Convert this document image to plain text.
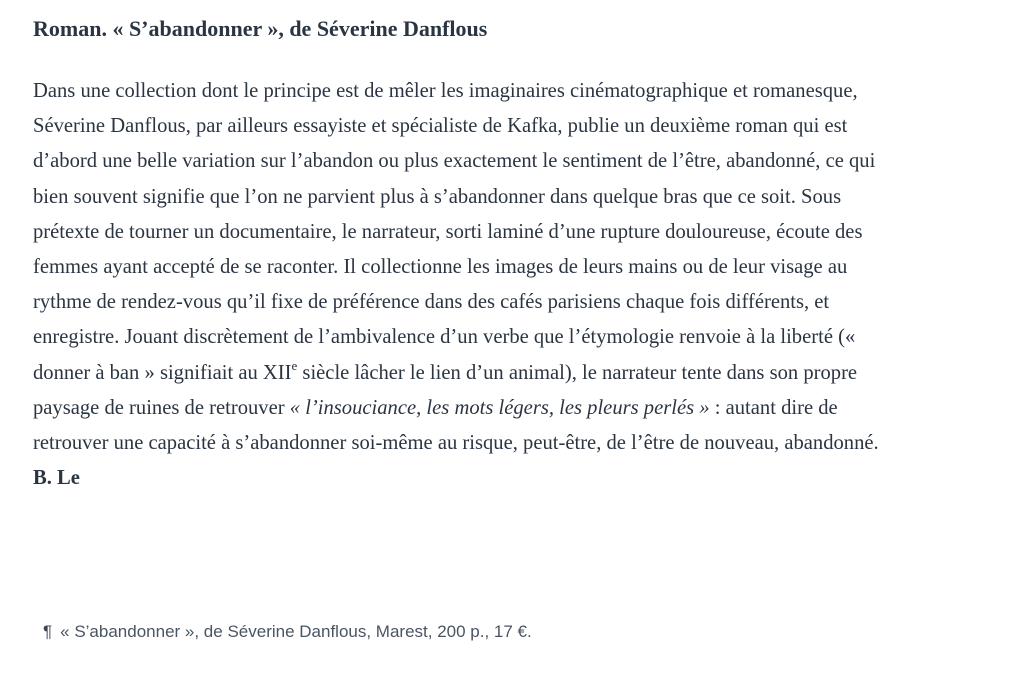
Roman. « S’abandonner », de Séverine Danflous

Dans une collection dont le principe est de mêler les imaginaires cinématographique et romanesque, Séverine Danflous, par ailleurs essayiste et spécialiste de Kafka, publie un deuxième roman qui est d’abord une belle variation sur l’abandon ou plus exactement le sentiment de l’être, abandonné, ce qui bien souvent signifie que l’on ne parvient plus à s’abandonner dans quelque bras que ce soit. Sous prétexte de tourner un documentaire, le narrateur, sorti laminé d’une rupture douloureuse, écoute des femmes ayant accepté de se raconter. Il collectionne les images de leurs mains ou de leur visage au rythme de rendez-vous qu’il fixe de préférence dans des cafés parisiens chaque fois différents, et enregistre. Jouant discrètement de l’ambivalence d’un verbe que l’étymologie renvoie à la liberté (« donner à ban » signifiait au XIIe siècle lâcher le lien d’un animal), le narrateur tente dans son propre paysage de ruines de retrouver « l’insouciance, les mots légers, les pleurs perlés » : autant dire de retrouver une capacité à s’abandonner soi-même au risque, peut-être, de l’être de nouveau, abandonné.

B. Le

¶ « S’abandonner », de Séverine Danflous, Marest, 200 p., 17 €.
